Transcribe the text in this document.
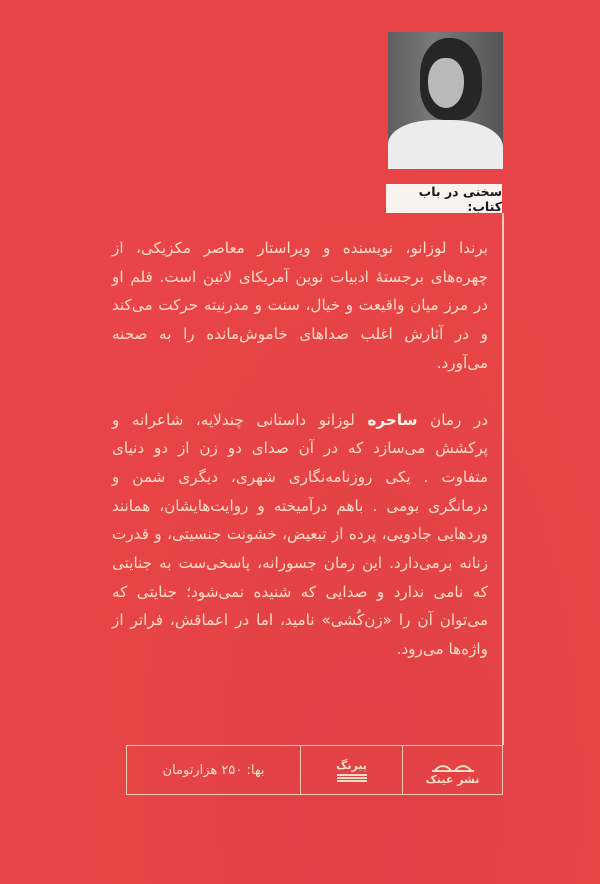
سخنی در باب کتاب:

برندا لوزانو، نویسنده و ویراستار معاصر مکزیکی، از چهره‌های برجستهٔ ادبیات نوین آمریکای لاتین است. قلم او در مرز میان واقیعت و خیال، سنت و مدرنیته حرکت می‌کند و در آثارش اغلب صداهای خاموش‌مانده را به صحنه می‌آورد.

در رمان ساحره لوزانو داستانی چندلایه، شاعرانه و پرکشش می‌سازد که در آن صدای دو زن از دو دنیای متفاوت . یکی روزنامه‌نگاری شهری، دیگری شمن و درمانگری بومی . باهم درآمیخته و روایت‌هایشان، همانند وردهایی جادویی، پرده از تبعیض، خشونت جنسیتی، و قدرت زنانه برمی‌دارد. این رمان جسورانه، پاسخی‌ست به جنایتی که نامی ندارد و صدایی که شنیده نمی‌شود؛ جنایتی که می‌توان آن را «زن‌کُشی» نامید، اما در اعماقش، فراتر از واژه‌ها می‌رود.

نشر عینک
پیرنگ
بها: ۲۵۰ هزارتومان
